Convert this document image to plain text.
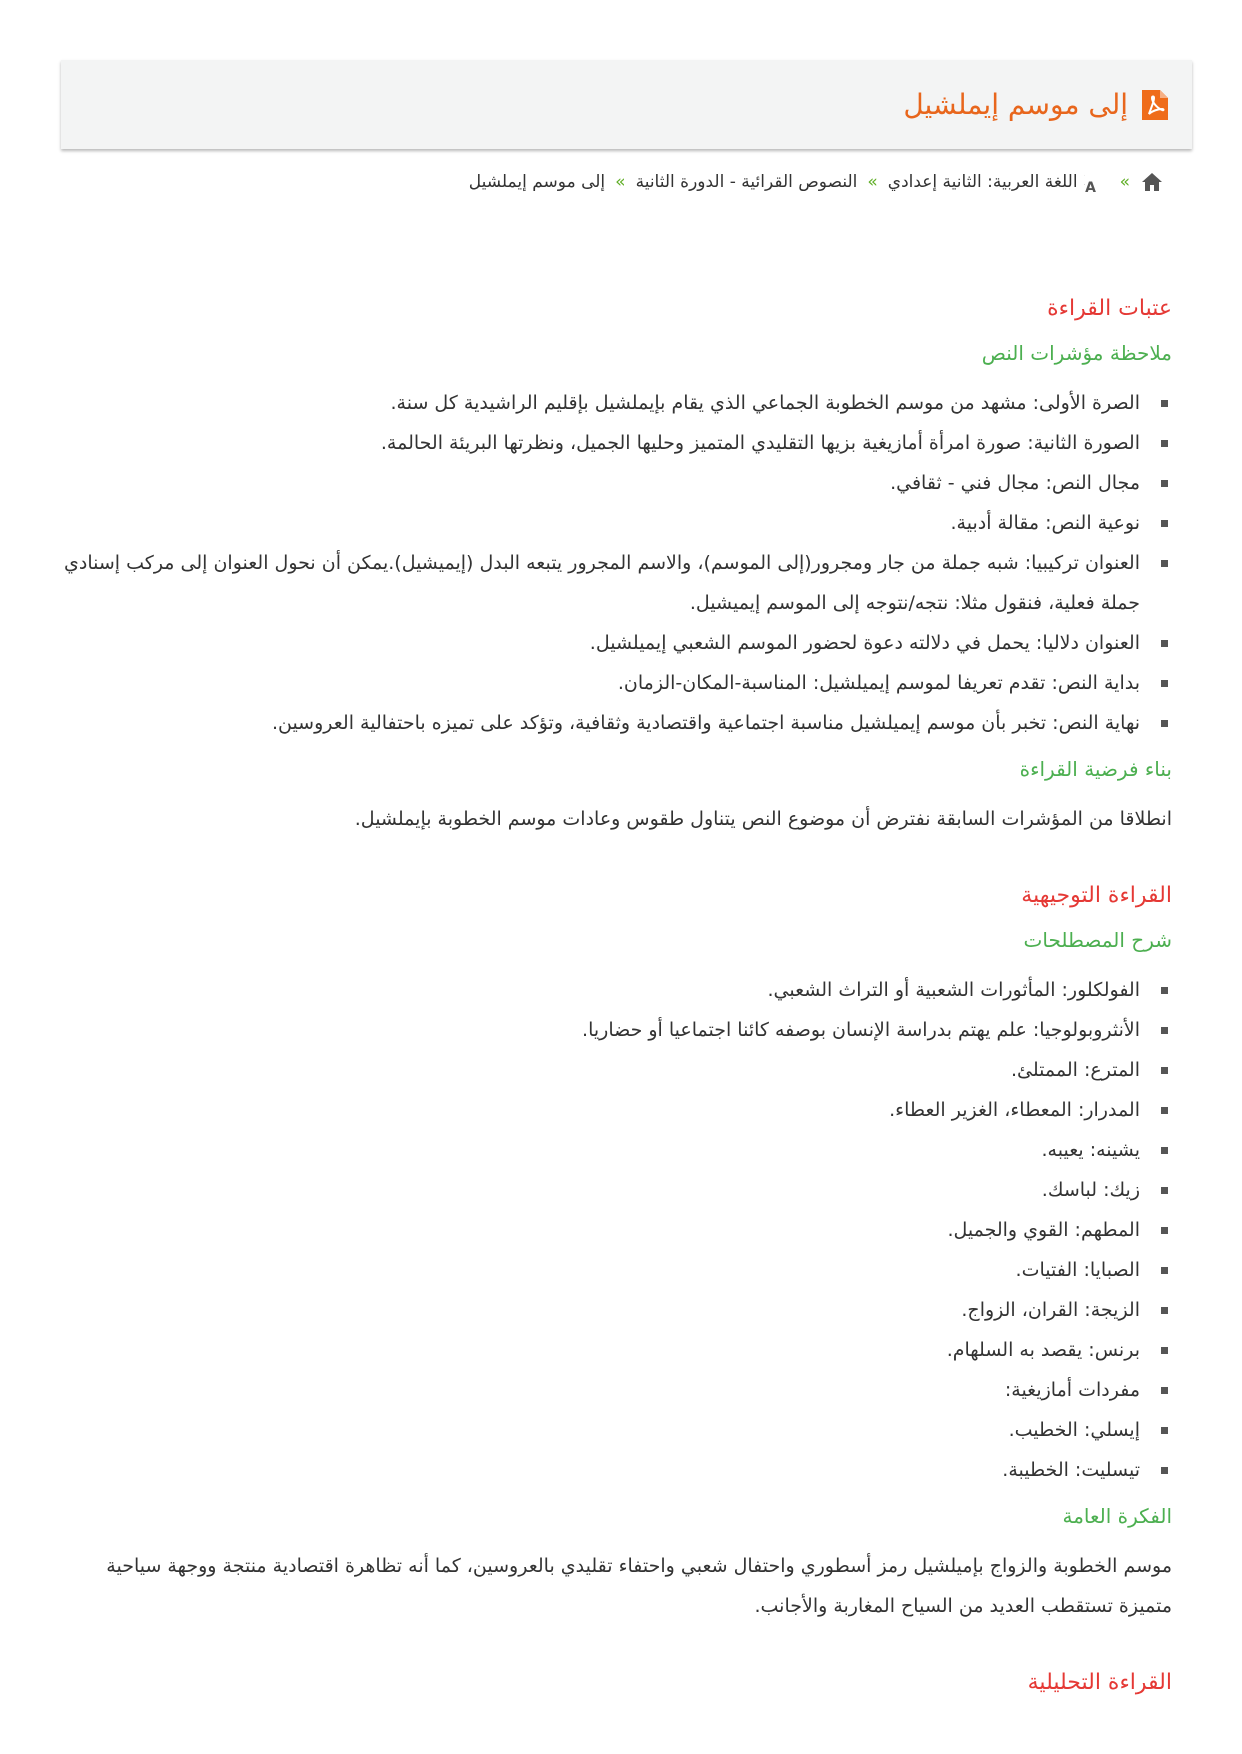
إلى موسم إيملشيل
»
A
اللغة العربية: الثانية إعدادي
»
النصوص القرائية - الدورة الثانية
»
إلى موسم إيملشيل
عتبات القراءة
ملاحظة مؤشرات النص
الصرة الأولى: مشهد من موسم الخطوبة الجماعي الذي يقام بإيملشيل بإقليم الراشيدية كل سنة.
الصورة الثانية: صورة امرأة أمازيغية بزيها التقليدي المتميز وحليها الجميل، ونظرتها البريئة الحالمة.
مجال النص: مجال فني - ثقافي.
نوعية النص: مقالة أدبية.
العنوان تركيبيا: شبه جملة من جار ومجرور(إلى الموسم)، والاسم المجرور يتبعه البدل (إيميشيل).يمكن أن نحول العنوان إلى مركب إسنادي جملة فعلية، فنقول مثلا: نتجه/نتوجه إلى الموسم إيميشيل.
العنوان دلاليا: يحمل في دلالته دعوة لحضور الموسم الشعبي إيميلشيل.
بداية النص: تقدم تعريفا لموسم إيميلشيل: المناسبة-المكان-الزمان.
نهاية النص: تخبر بأن موسم إيميلشيل مناسبة اجتماعية واقتصادية وثقافية، وتؤكد على تميزه باحتفالية العروسين.
بناء فرضية القراءة

انطلاقا من المؤشرات السابقة نفترض أن موضوع النص يتناول طقوس وعادات موسم الخطوبة بإيملشيل.

القراءة التوجيهية
شرح المصطلحات
الفولكلور: المأثورات الشعبية أو التراث الشعبي.
الأنثروبولوجيا: علم يهتم بدراسة الإنسان بوصفه كائنا اجتماعيا أو حضاريا.
المترع: الممتلئ.
المدرار: المعطاء، الغزير العطاء.
يشينه: يعيبه.
زيك: لباسك.
المطهم: القوي والجميل.
الصبايا: الفتيات.
الزيجة: القران، الزواج.
برنس: يقصد به السلهام.
مفردات أمازيغية:
إيسلي: الخطيب.
تيسليت: الخطيبة.
الفكرة العامة

موسم الخطوبة والزواج بإميلشيل رمز أسطوري واحتفال شعبي واحتفاء تقليدي بالعروسين، كما أنه تظاهرة اقتصادية منتجة ووجهة سياحية متميزة تستقطب العديد من السياح المغاربة والأجانب.

القراءة التحليلية
